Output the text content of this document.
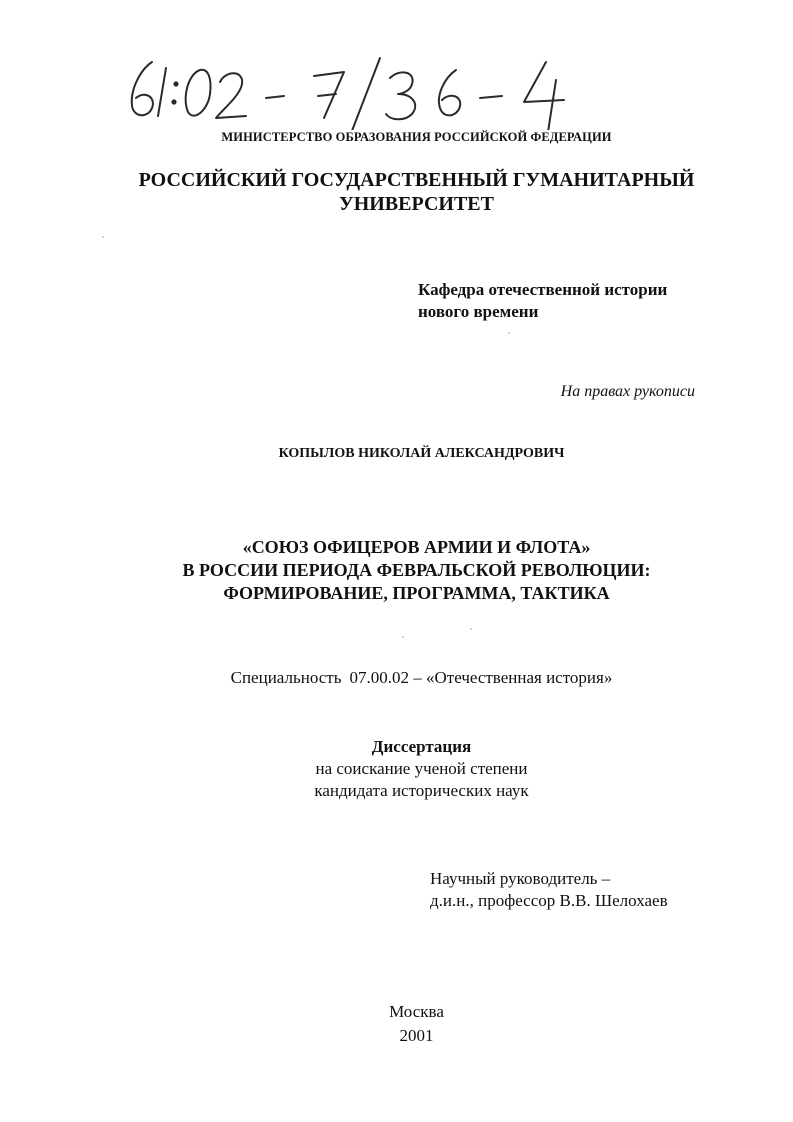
МИНИСТЕРСТВО ОБРАЗОВАНИЯ РОССИЙСКОЙ ФЕДЕРАЦИИ
РОССИЙСКИЙ ГОСУДАРСТВЕННЫЙ ГУМАНИТАРНЫЙ
УНИВЕРСИТЕТ
Кафедра отечественной истории
нового времени
На правах рукописи
КОПЫЛОВ НИКОЛАЙ АЛЕКСАНДРОВИЧ
«СОЮЗ ОФИЦЕРОВ АРМИИ И ФЛОТА»
В РОССИИ ПЕРИОДА ФЕВРАЛЬСКОЙ РЕВОЛЮЦИИ:
ФОРМИРОВАНИЕ, ПРОГРАММА, ТАКТИКА
Специальность 07.00.02 – «Отечественная история»
Диссертация
на соискание ученой степени
кандидата исторических наук
Научный руководитель –
д.и.н., профессор В.В. Шелохаев
Москва
2001
